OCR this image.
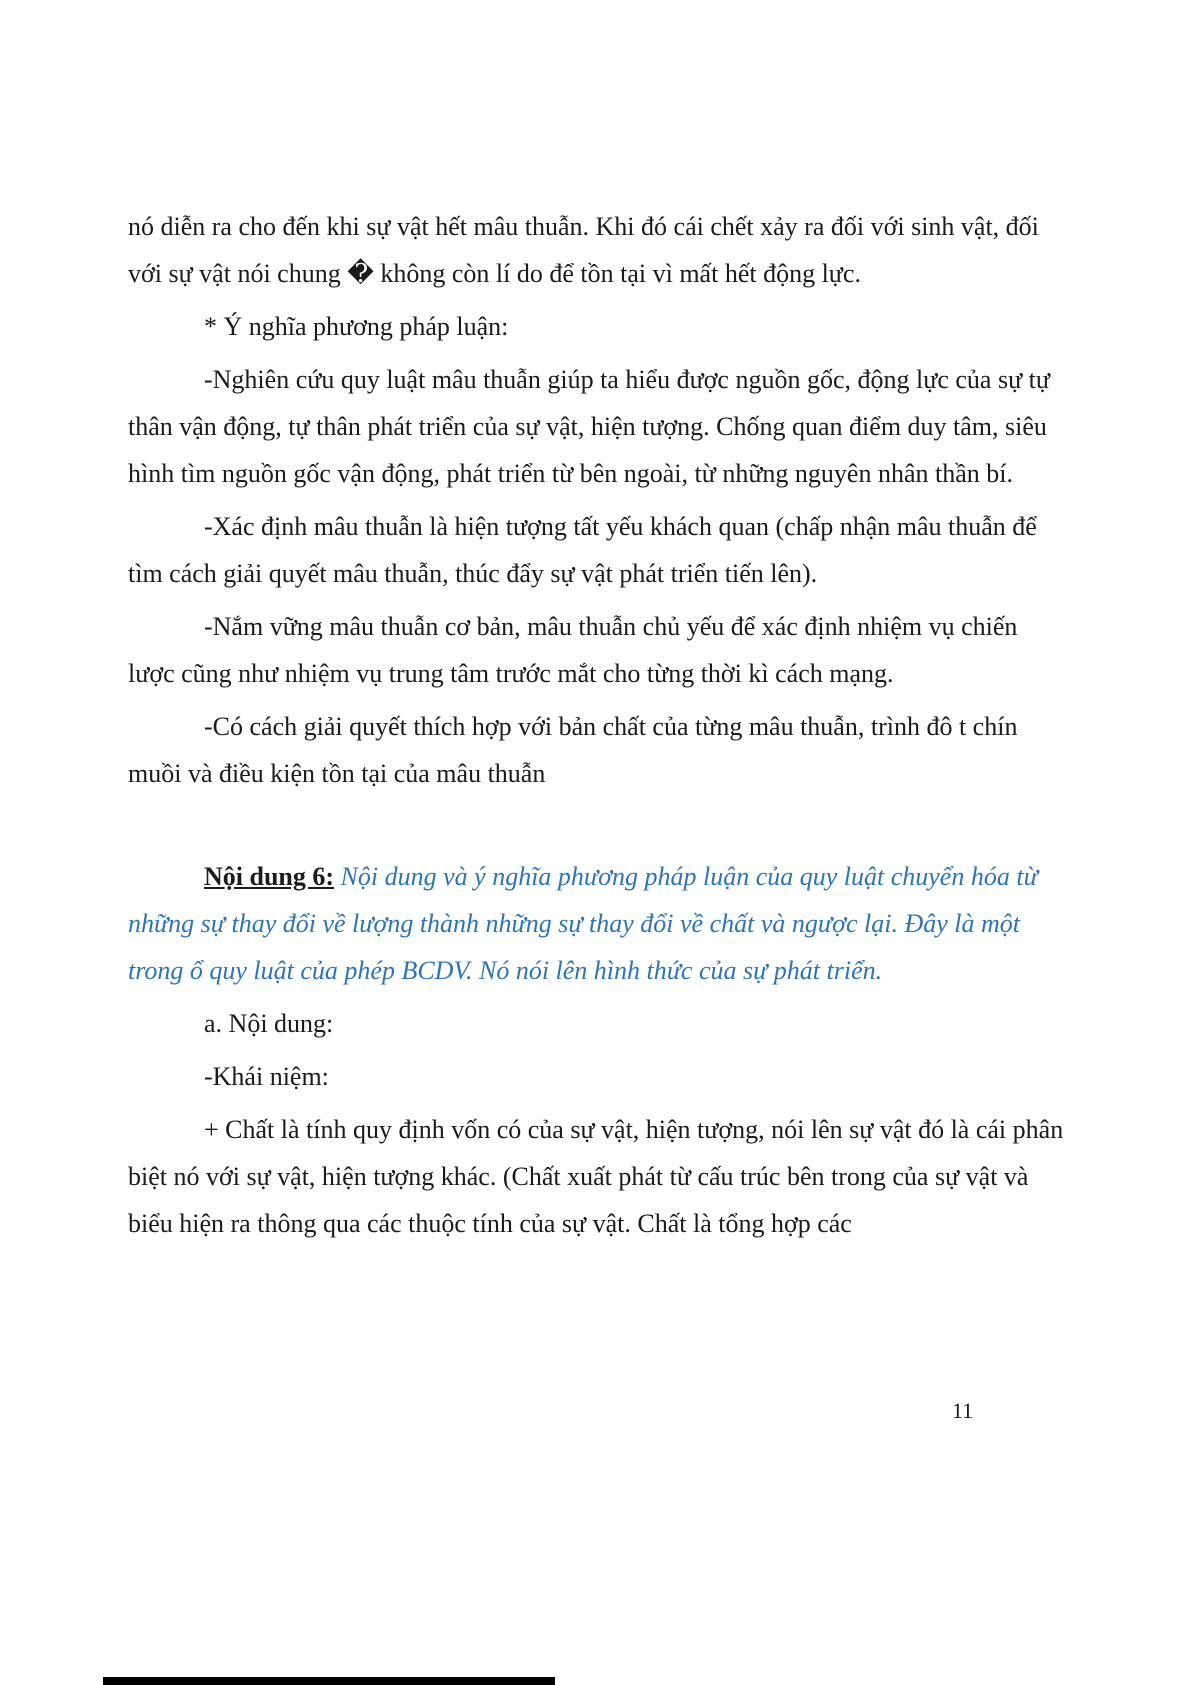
nó diễn ra cho đến khi sự vật hết mâu thuẫn. Khi đó cái chết xảy ra đối với sinh vật, đối với sự vật nói chung � không còn lí do để tồn tại vì mất hết động lực.

* Ý nghĩa phương pháp luận:

-Nghiên cứu quy luật mâu thuẫn giúp ta hiểu được nguồn gốc, động lực của sự tự thân vận động, tự thân phát triển của sự vật, hiện tượng. Chống quan điểm duy tâm, siêu hình tìm nguồn gốc vận động, phát triển từ bên ngoài, từ những nguyên nhân thần bí.

-Xác định mâu thuẫn là hiện tượng tất yếu khách quan (chấp nhận mâu thuẫn để tìm cách giải quyết mâu thuẫn, thúc đẩy sự vật phát triển tiến lên).

-Nắm vững mâu thuẫn cơ bản, mâu thuẫn chủ yếu để xác định nhiệm vụ chiến lược cũng như nhiệm vụ trung tâm trước mắt cho từng thời kì cách mạng.

-Có cách giải quyết thích hợp với bản chất của từng mâu thuẫn, trình đô t chín muồi và điều kiện tồn tại của mâu thuẫn

Nội dung 6: Nội dung và ý nghĩa phương pháp luận của quy luật chuyển hóa từ những sự thay đổi về lượng thành những sự thay đổi về chất và ngược lại. Đây là một trong ổ quy luật của phép BCDV. Nó nói lên hình thức của sự phát triển.

a. Nội dung:

-Khái niệm:

+ Chất là tính quy định vốn có của sự vật, hiện tượng, nói lên sự vật đó là cái phân biệt nó với sự vật, hiện tượng khác. (Chất xuất phát từ cấu trúc bên trong của sự vật và biểu hiện ra thông qua các thuộc tính của sự vật. Chất là tổng hợp các

11
